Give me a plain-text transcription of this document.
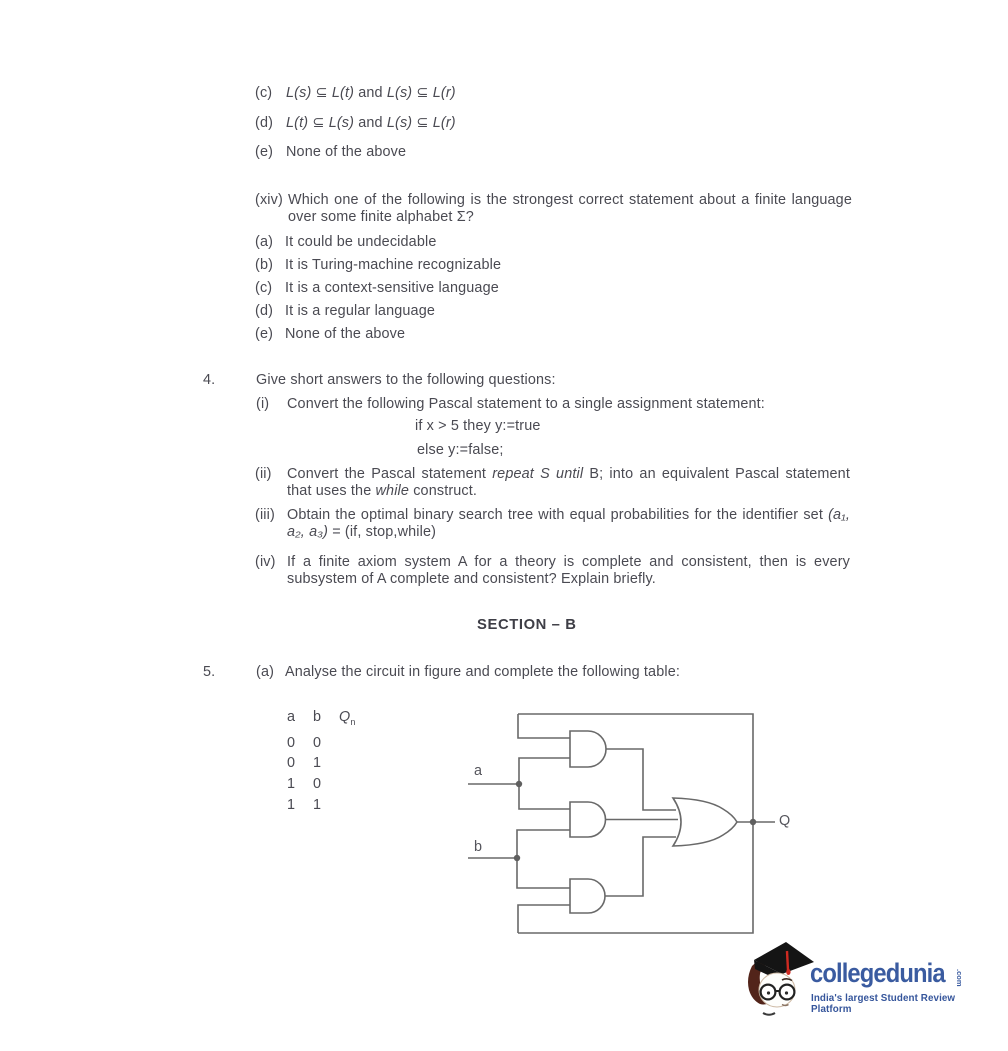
(c) L(s) ⊆ L(t) and L(s) ⊆ L(r)
(d) L(t) ⊆ L(s) and L(s) ⊆ L(r)
(e) None of the above
(xiv) Which one of the following is the strongest correct statement about a finite language over some finite alphabet Σ?
(a) It could be undecidable
(b) It is Turing-machine recognizable
(c) It is a context-sensitive language
(d) It is a regular language
(e) None of the above
4.	Give short answers to the following questions:
(i)	Convert the following Pascal statement to a single assignment statement:
if x > 5 they y:=true
else y:=false;
(ii)	Convert the Pascal statement repeat S until B; into an equivalent Pascal statement that uses the while construct.
(iii) Obtain the optimal binary search tree with equal probabilities for the identifier set (a₁, a₂, a₃) = (if, stop,while)
(iv) If a finite axiom system A for a theory is complete and consistent, then is every subsystem of A complete and consistent? Explain briefly.
SECTION – B
5.	(a) Analyse the circuit in figure and complete the following table:
a	b	$Q_n$
0	0
0	1
1	0
1	1
a
b
Q
collegedunia .com
India's largest Student Review Platform
